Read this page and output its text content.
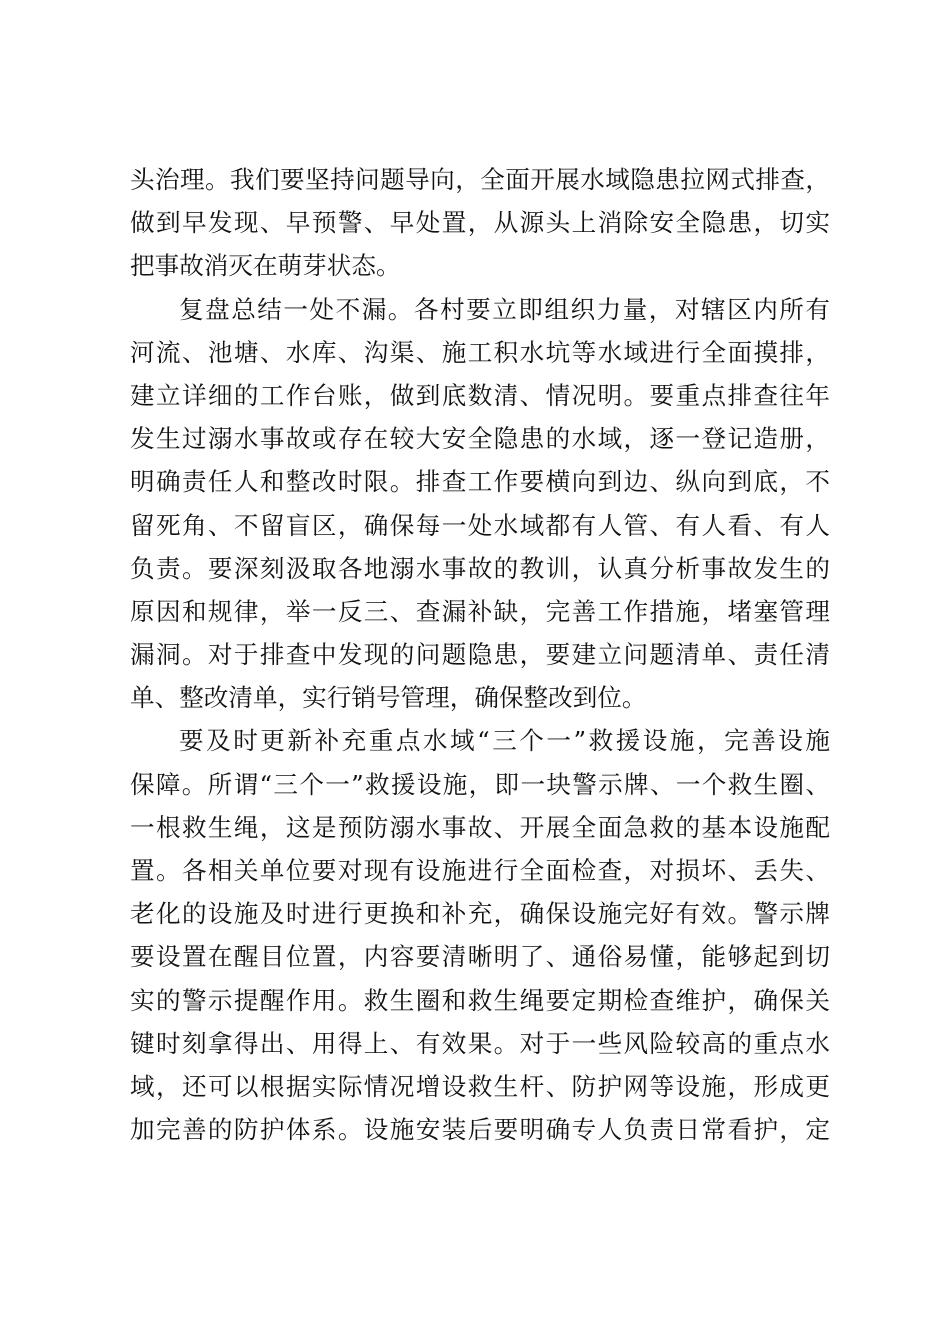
头治理。我们要坚持问题导向，全面开展水域隐患拉网式排查，
做到早发现、早预警、早处置，从源头上消除安全隐患，切实
把事故消灭在萌芽状态。
复盘总结一处不漏。各村要立即组织力量，对辖区内所有
河流、池塘、水库、沟渠、施工积水坑等水域进行全面摸排，
建立详细的工作台账，做到底数清、情况明。要重点排查往年
发生过溺水事故或存在较大安全隐患的水域，逐一登记造册，
明确责任人和整改时限。排查工作要横向到边、纵向到底，不
留死角、不留盲区，确保每一处水域都有人管、有人看、有人
负责。要深刻汲取各地溺水事故的教训，认真分析事故发生的
原因和规律，举一反三、查漏补缺，完善工作措施，堵塞管理
漏洞。对于排查中发现的问题隐患，要建立问题清单、责任清
单、整改清单，实行销号管理，确保整改到位。
要及时更新补充重点水域“三个一”救援设施，完善设施
保障。所谓“三个一”救援设施，即一块警示牌、一个救生圈、
一根救生绳，这是预防溺水事故、开展全面急救的基本设施配
置。各相关单位要对现有设施进行全面检查，对损坏、丢失、
老化的设施及时进行更换和补充，确保设施完好有效。警示牌
要设置在醒目位置，内容要清晰明了、通俗易懂，能够起到切
实的警示提醒作用。救生圈和救生绳要定期检查维护，确保关
键时刻拿得出、用得上、有效果。对于一些风险较高的重点水
域，还可以根据实际情况增设救生杆、防护网等设施，形成更
加完善的防护体系。设施安装后要明确专人负责日常看护，定
